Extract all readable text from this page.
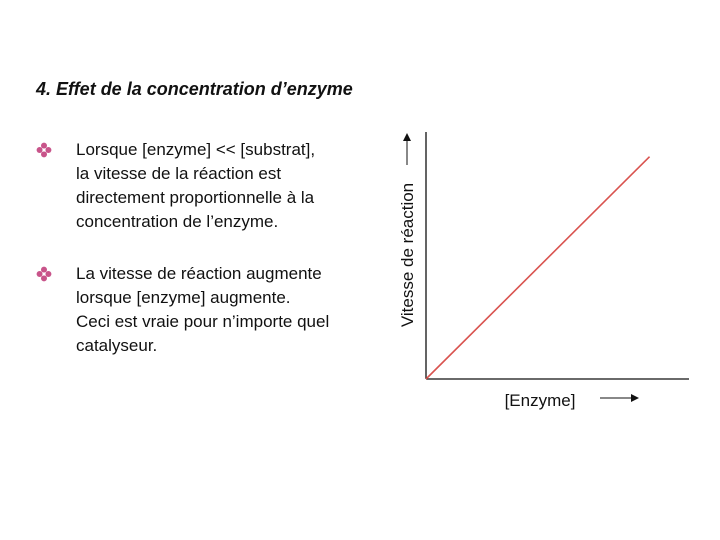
4. Effet de la concentration d’enzyme
Lorsque [enzyme] << [substrat],
la vitesse de la réaction est
directement proportionnelle à la
concentration de l’enzyme.
La vitesse de réaction augmente
lorsque [enzyme] augmente.
Ceci est vraie pour n’importe quel
catalyseur.
Vitesse de réaction
[Enzyme]
